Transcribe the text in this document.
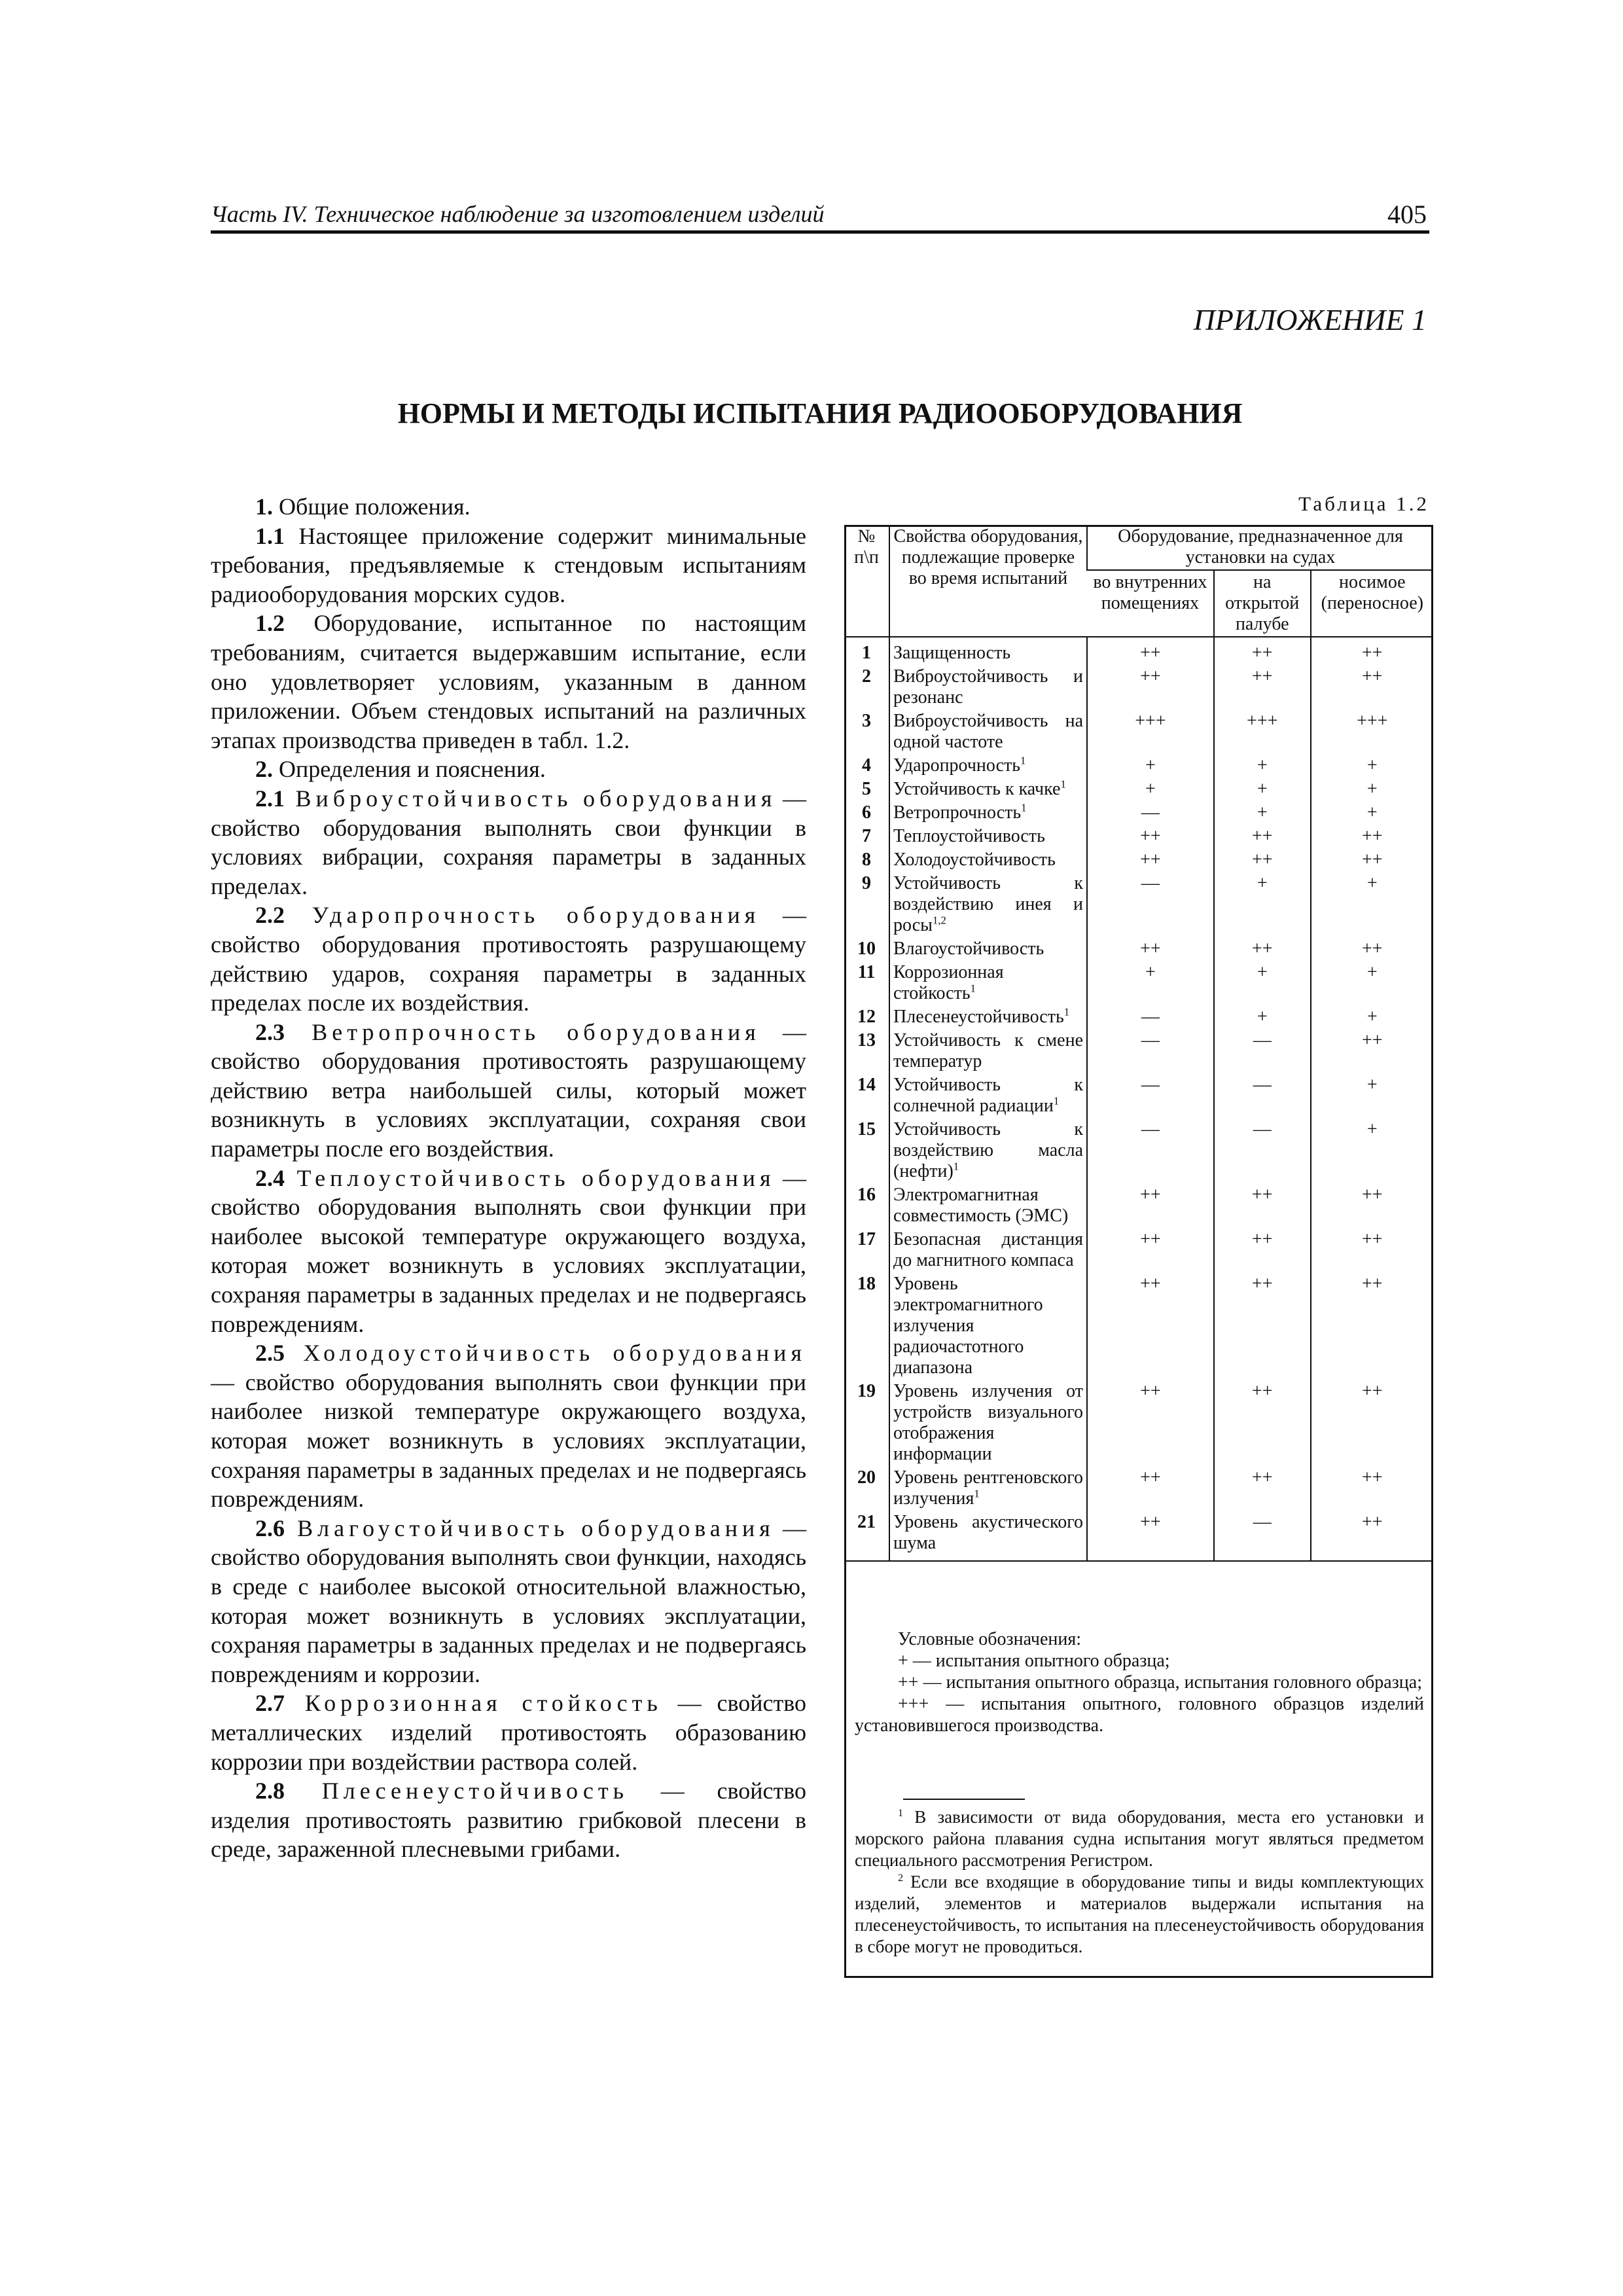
Часть IV. Техническое наблюдение за изготовлением изделий	405
ПРИЛОЖЕНИЕ 1
НОРМЫ И МЕТОДЫ ИСПЫТАНИЯ РАДИООБОРУДОВАНИЯ

1. Общие положения.

1.1 Настоящее приложение содержит минимальные требования, предъявляемые к стендовым испытаниям радиооборудования морских судов.

1.2 Оборудование, испытанное по настоящим требованиям, считается выдержавшим испытание, если оно удовлетворяет условиям, указанным в данном приложении. Объем стендовых испытаний на различных этапах производства приведен в табл. 1.2.

2. Определения и пояснения.

2.1 Виброустойчивость оборудования — свойство оборудования выполнять свои функции в условиях вибрации, сохраняя параметры в заданных пределах.

2.2 Ударопрочность оборудования — свойство оборудования противостоять разрушающему действию ударов, сохраняя параметры в заданных пределах после их воздействия.

2.3 Ветропрочность оборудования — свойство оборудования противостоять разрушающему действию ветра наибольшей силы, который может возникнуть в условиях эксплуатации, сохраняя свои параметры после его воздействия.

2.4 Теплоустойчивость оборудования — свойство оборудования выполнять свои функции при наиболее высокой температуре окружающего воздуха, которая может возникнуть в условиях эксплуатации, сохраняя параметры в заданных пределах и не подвергаясь повреждениям.

2.5 Холодоустойчивость оборудования — свойство оборудования выполнять свои функции при наиболее низкой температуре окружающего воздуха, которая может возникнуть в условиях эксплуатации, сохраняя параметры в заданных пределах и не подвергаясь повреждениям.

2.6 Влагоустойчивость оборудования — свойство оборудования выполнять свои функции, находясь в среде с наиболее высокой относительной влажностью, которая может возникнуть в условиях эксплуатации, сохраняя параметры в заданных пределах и не подвергаясь повреждениям и коррозии.

2.7 Коррозионная стойкость — свойство металлических изделий противостоять образованию коррозии при воздействии раствора солей.

2.8 Плесенеустойчивость — свойство изделия противостоять развитию грибковой плесени в среде, зараженной плесневыми грибами.

Таблица 1.2
№ п\п	Свойства оборудования, подлежащие проверке во время испытаний	Оборудование, предназначенное для установки на судах		
		во внутренних помещениях	на открытой палубе	носимое (переносное)
1	Защищенность	++	++	++
2	Виброустойчивость и резонанс	++	++	++
3	Виброустойчивость на одной частоте	+++	+++	+++
4	Ударопрочность$^1$	+	+	+
5	Устойчивость к качке$^1$	+	+	+
6	Ветропрочность$^1$	—	+	+
7	Теплоустойчивость	++	++	++
8	Холодоустойчивость	++	++	++
9	Устойчивость к воздействию инея и росы$^{1,2}$	—	+	+
10	Влагоустойчивость	++	++	++
11	Коррозионная стойкость$^1$	+	+	+
12	Плесенеустойчивость$^1$	—	+	+
13	Устойчивость к смене температур	—	—	++
14	Устойчивость к солнечной радиации$^1$	—	—	+
15	Устойчивость к воздействию масла (нефти)$^1$	—	—	+
16	Электромагнитная совместимость (ЭМС)	++	++	++
17	Безопасная дистанция до магнитного компаса	++	++	++
18	Уровень электромагнитного излучения радиочастотного диапазона	++	++	++
19	Уровень излучения от устройств визуального отображения информации	++	++	++
20	Уровень рентгеновского излучения$^1$	++	++	++
21	Уровень акустического шума	++	—	++

Условные обозначения:

+ — испытания опытного образца;

++ — испытания опытного образца, испытания головного образца;

+++ — испытания опытного, головного образцов изделий установившегося производства.

$^1$ В зависимости от вида оборудования, места его установки и морского района плавания судна испытания могут являться предметом специального рассмотрения Регистром.

$^2$ Если все входящие в оборудование типы и виды комплектующих изделий, элементов и материалов выдержали испытания на плесенеустойчивость, то испытания на плесенеустойчивость оборудования в сборе могут не проводиться.
